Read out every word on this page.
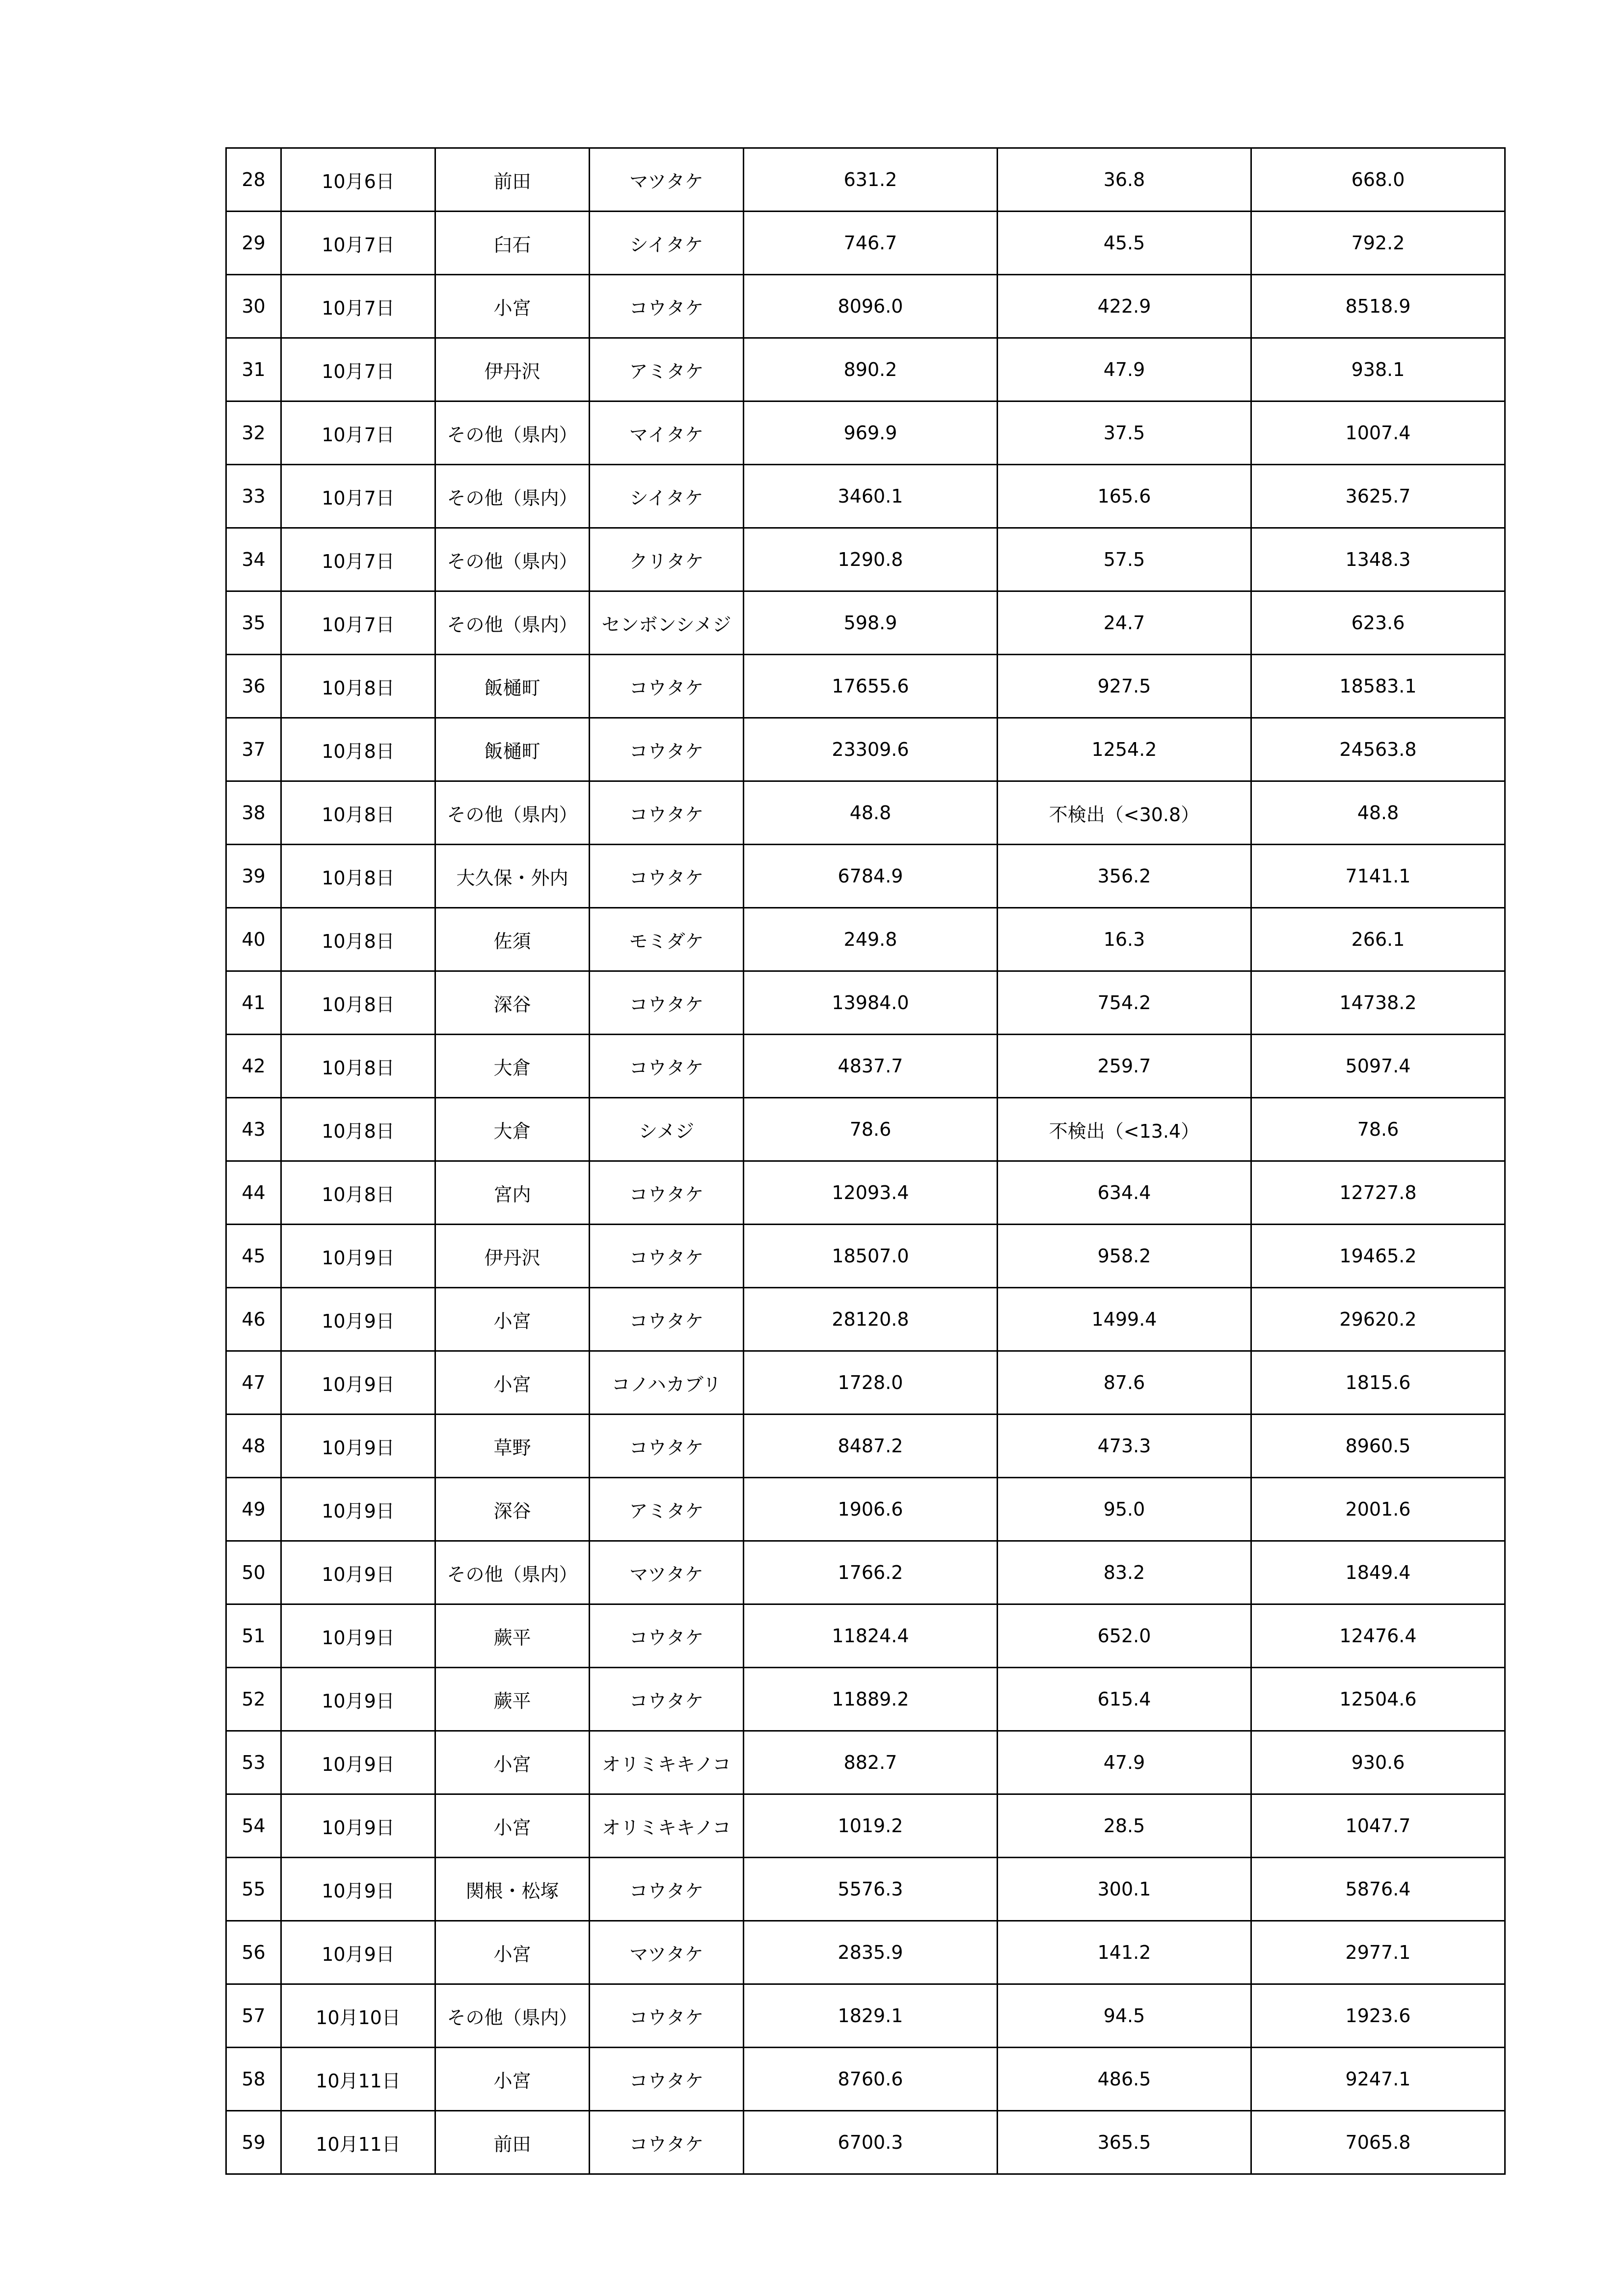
28	10月6日	前田	マツタケ	631.2	36.8	668.0
29	10月7日	臼石	シイタケ	746.7	45.5	792.2
30	10月7日	小宮	コウタケ	8096.0	422.9	8518.9
31	10月7日	伊丹沢	アミタケ	890.2	47.9	938.1
32	10月7日	その他（県内）	マイタケ	969.9	37.5	1007.4
33	10月7日	その他（県内）	シイタケ	3460.1	165.6	3625.7
34	10月7日	その他（県内）	クリタケ	1290.8	57.5	1348.3
35	10月7日	その他（県内）	センボンシメジ	598.9	24.7	623.6
36	10月8日	飯樋町	コウタケ	17655.6	927.5	18583.1
37	10月8日	飯樋町	コウタケ	23309.6	1254.2	24563.8
38	10月8日	その他（県内）	コウタケ	48.8	不検出（<30.8）	48.8
39	10月8日	大久保・外内	コウタケ	6784.9	356.2	7141.1
40	10月8日	佐須	モミダケ	249.8	16.3	266.1
41	10月8日	深谷	コウタケ	13984.0	754.2	14738.2
42	10月8日	大倉	コウタケ	4837.7	259.7	5097.4
43	10月8日	大倉	シメジ	78.6	不検出（<13.4）	78.6
44	10月8日	宮内	コウタケ	12093.4	634.4	12727.8
45	10月9日	伊丹沢	コウタケ	18507.0	958.2	19465.2
46	10月9日	小宮	コウタケ	28120.8	1499.4	29620.2
47	10月9日	小宮	コノハカブリ	1728.0	87.6	1815.6
48	10月9日	草野	コウタケ	8487.2	473.3	8960.5
49	10月9日	深谷	アミタケ	1906.6	95.0	2001.6
50	10月9日	その他（県内）	マツタケ	1766.2	83.2	1849.4
51	10月9日	蕨平	コウタケ	11824.4	652.0	12476.4
52	10月9日	蕨平	コウタケ	11889.2	615.4	12504.6
53	10月9日	小宮	オリミキキノコ	882.7	47.9	930.6
54	10月9日	小宮	オリミキキノコ	1019.2	28.5	1047.7
55	10月9日	関根・松塚	コウタケ	5576.3	300.1	5876.4
56	10月9日	小宮	マツタケ	2835.9	141.2	2977.1
57	10月10日	その他（県内）	コウタケ	1829.1	94.5	1923.6
58	10月11日	小宮	コウタケ	8760.6	486.5	9247.1
59	10月11日	前田	コウタケ	6700.3	365.5	7065.8
